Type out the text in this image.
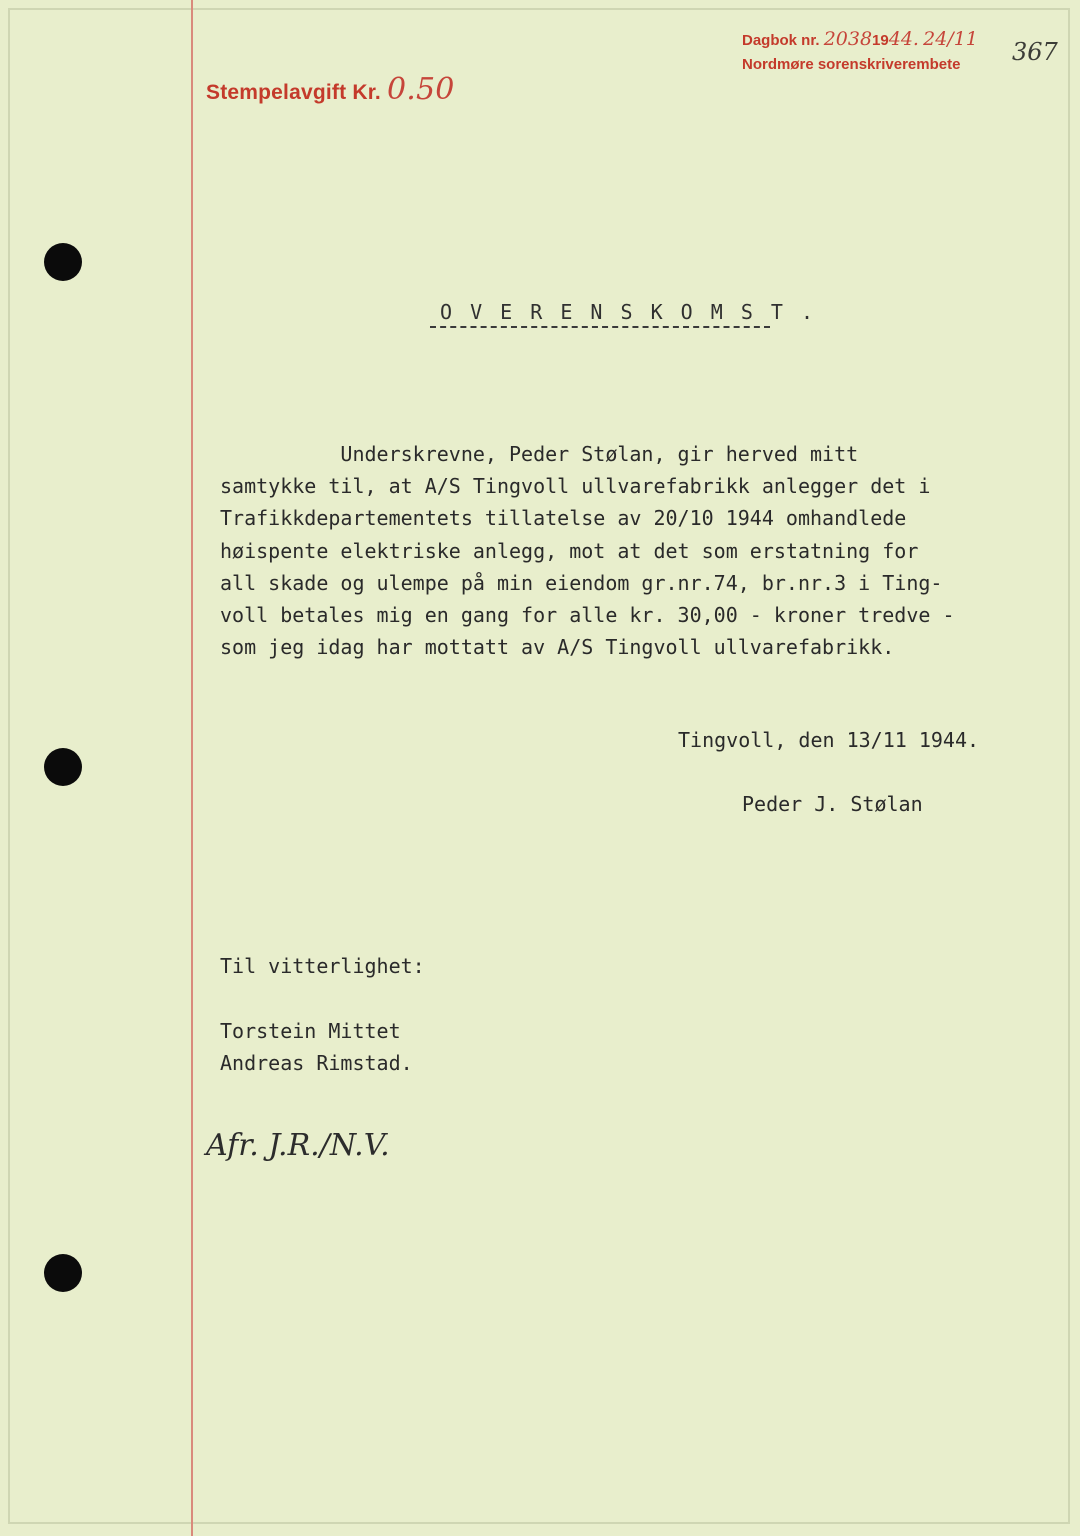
Stempelavgift Kr. 0.50
Dagbok nr. 20381944. 24/11
Nordmøre sorenskriverembete 367
O V E R E N S K O M S T .
Underskrevne, Peder Stølan, gir herved mitt
samtykke til, at A/S Tingvoll ullvarefabrikk anlegger det i
Trafikkdepartementets tillatelse av 20/10 1944 omhandlede
høispente elektriske anlegg, mot at det som erstatning for
all skade og ulempe på min eiendom gr.nr.74, br.nr.3 i Ting-
voll betales mig en gang for alle kr. 30,00 - kroner tredve -
som jeg idag har mottatt av A/S Tingvoll ullvarefabrikk.
Tingvoll, den 13/11 1944.
Peder J. Stølan
Til vitterlighet:
Torstein Mittet
Andreas Rimstad.
Afr. J.R./N.V.
